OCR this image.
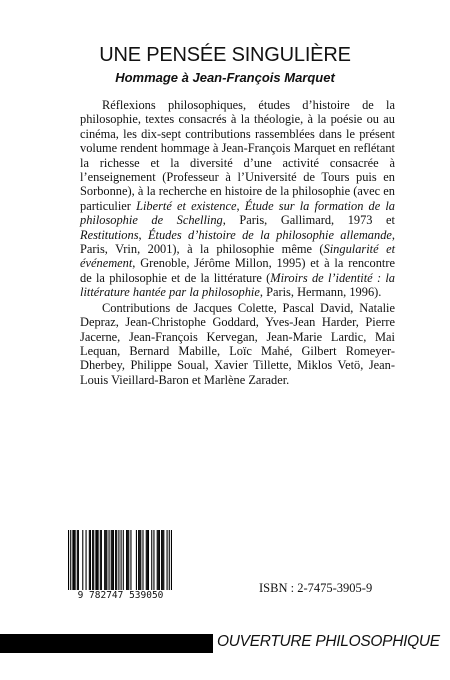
UNE PENSÉE SINGULIÈRE
Hommage à Jean-François Marquet

Réflexions philosophiques, études d’histoire de la philosophie, textes consacrés à la théologie, à la poésie ou au cinéma, les dix-sept contributions rassemblées dans le présent volume rendent hommage à Jean-François Marquet en reflétant la richesse et la diversité d’une activité consacrée à l’enseignement (Professeur à l’Université de Tours puis en Sorbonne), à la recherche en histoire de la philosophie (avec en particulier Liberté et existence, Étude sur la formation de la philosophie de Schelling, Paris, Gallimard, 1973 et Restitutions, Études d’histoire de la philosophie allemande, Paris, Vrin, 2001), à la philosophie même (Singularité et événement, Grenoble, Jérôme Millon, 1995) et à la rencontre de la philosophie et de la littérature (Miroirs de l’identité : la littérature hantée par la philosophie, Paris, Hermann, 1996).

Contributions de Jacques Colette, Pascal David, Natalie Depraz, Jean-Christophe Goddard, Yves-Jean Harder, Pierre Jacerne, Jean-François Kervegan, Jean-Marie Lardic, Mai Lequan, Bernard Mabille, Loïc Mahé, Gilbert Romeyer-Dherbey, Philippe Soual, Xavier Tillette, Miklos Vetö, Jean-Louis Vieillard-Baron et Marlène Zarader.

9 782747 539050
ISBN : 2-7475-3905-9
OUVERTURE PHILOSOPHIQUE
